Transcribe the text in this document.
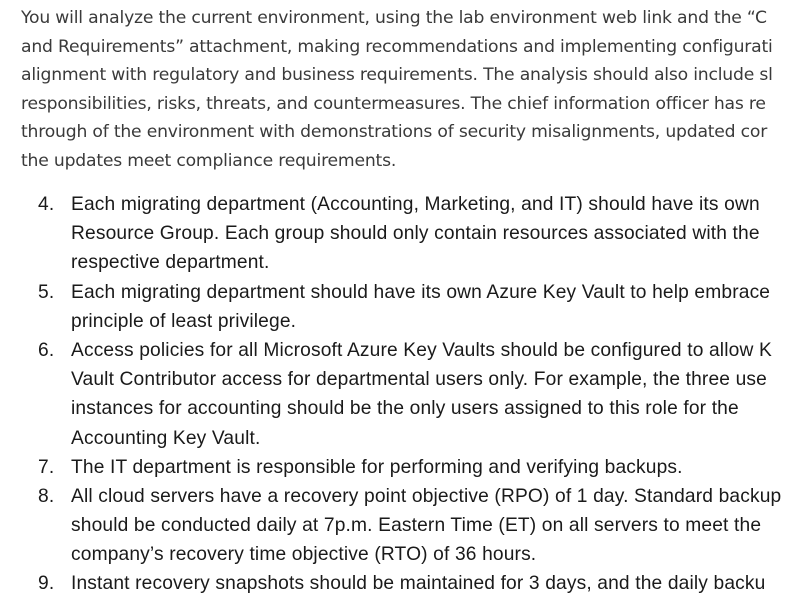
You will analyze the current environment, using the lab environment web link and the “C
and Requirements” attachment, making recommendations and implementing configurati
alignment with regulatory and business requirements. The analysis should also include sl
responsibilities, risks, threats, and countermeasures. The chief information officer has re
through of the environment with demonstrations of security misalignments, updated cor
the updates meet compliance requirements.
4. Each migrating department (Accounting, Marketing, and IT) should have its own
Resource Group. Each group should only contain resources associated with the
respective department.
5. Each migrating department should have its own Azure Key Vault to help embrace
principle of least privilege.
6. Access policies for all Microsoft Azure Key Vaults should be configured to allow K
Vault Contributor access for departmental users only. For example, the three use
instances for accounting should be the only users assigned to this role for the
Accounting Key Vault.
7. The IT department is responsible for performing and verifying backups.
8. All cloud servers have a recovery point objective (RPO) of 1 day. Standard backup
should be conducted daily at 7p.m. Eastern Time (ET) on all servers to meet the
company’s recovery time objective (RTO) of 36 hours.
9. Instant recovery snapshots should be maintained for 3 days, and the daily backu
